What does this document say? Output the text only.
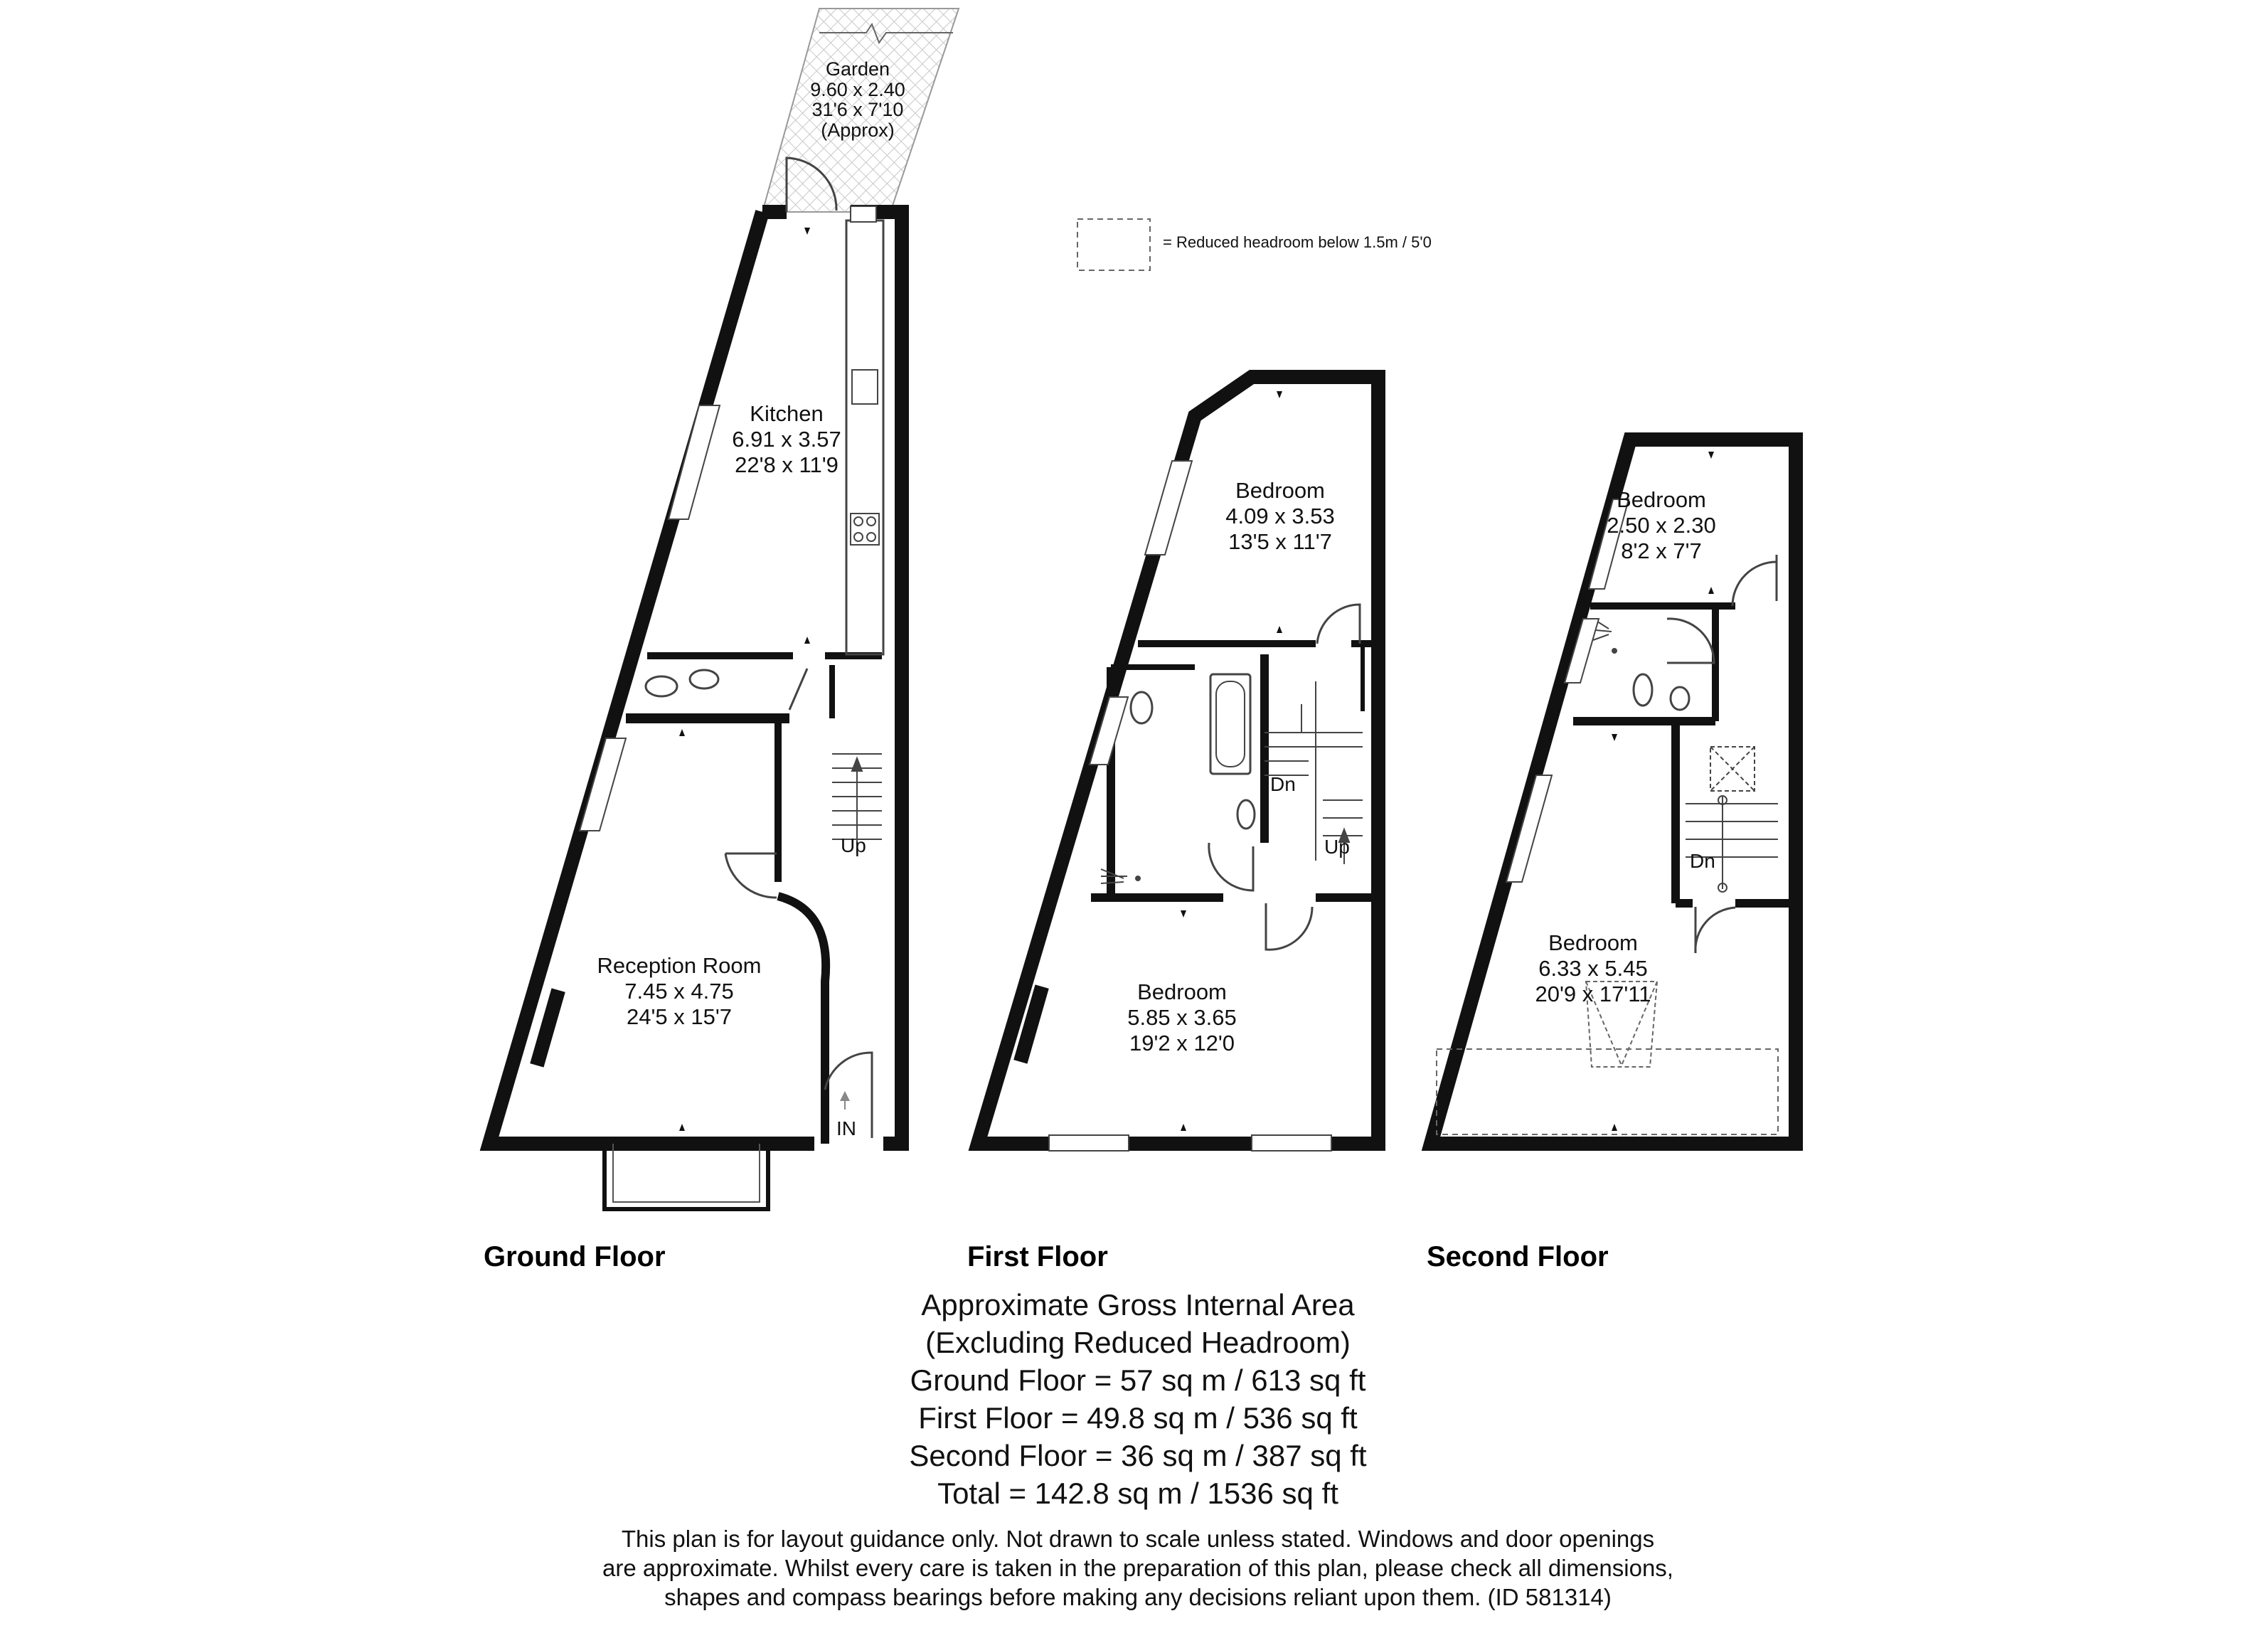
Garden
9.60 x 2.40
31'6 x 7'10
(Approx)
Kitchen
6.91 x 3.57
22'8 x 11'9
Reception Room
7.45 x 4.75
24'5 x 15'7
Up
IN
Ground Floor
= Reduced headroom below 1.5m / 5'0
Bedroom
4.09 x 3.53
13'5 x 11'7
Bedroom
5.85 x 3.65
19'2 x 12'0
Dn
Up
First Floor
Bedroom
2.50 x 2.30
8'2 x 7'7
Bedroom
6.33 x 5.45
20'9 x 17'11
Dn
Second Floor
Approximate Gross Internal Area
(Excluding Reduced Headroom)
Ground Floor = 57 sq m / 613 sq ft
First Floor = 49.8 sq m / 536 sq ft
Second Floor = 36 sq m / 387 sq ft
Total = 142.8 sq m / 1536 sq ft
This plan is for layout guidance only. Not drawn to scale unless stated. Windows and door openings
are approximate. Whilst every care is taken in the preparation of this plan, please check all dimensions,
shapes and compass bearings before making any decisions reliant upon them. (ID 581314)
